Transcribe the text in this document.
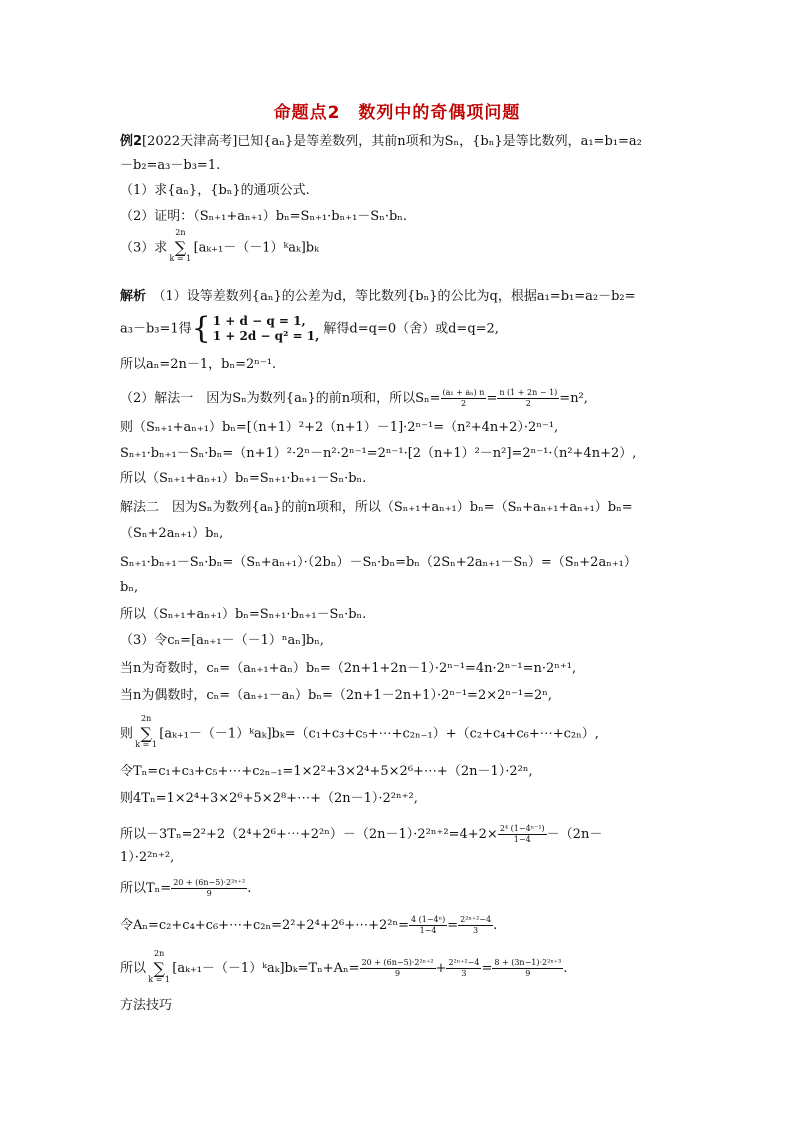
命题点2　数列中的奇偶项问题
例2[2022天津高考]已知{aₙ}是等差数列，其前n项和为Sₙ，{bₙ}是等比数列，a₁=b₁=a₂
－b₂=a₃－b₃=1.
（1）求{aₙ}，{bₙ}的通项公式.
（2）证明：（Sₙ₊₁+aₙ₊₁）bₙ=Sₙ₊₁·bₙ₊₁－Sₙ·bₙ.
（3）求
2n
∑
k = 1
[aₖ₊₁－（－1）ᵏaₖ]bₖ
解析　 （1）设等差数列{aₙ}的公差为d，等比数列{bₙ}的公比为q，根据a₁=b₁=a₂－b₂=
a₃－b₃=1得{ 1 + d − q = 1,
1 + 2d − q² = 1, 解得d=q=0（舍）或d=q=2,
所以aₙ=2n－1，bₙ=2ⁿ⁻¹.
（2）解法一　因为Sₙ为数列{aₙ}的前n项和，所以$S_n= \frac{\text{(a₁ + aₙ) n}}{2} = \frac{n (1 + 2n - 1)}{2} =n^2$,
则（Sₙ₊₁+aₙ₊₁）bₙ=[（n+1）²+2（n+1）－1]·2ⁿ⁻¹=（n²+4n+2）·2ⁿ⁻¹,
Sₙ₊₁·bₙ₊₁－Sₙ·bₙ=（n+1）²·2ⁿ－n²·2ⁿ⁻¹=2ⁿ⁻¹·[2（n+1）²－n²]=2ⁿ⁻¹·（n²+4n+2）,
所以（Sₙ₊₁+aₙ₊₁）bₙ=Sₙ₊₁·bₙ₊₁－Sₙ·bₙ.
解法二　因为Sₙ为数列{aₙ}的前n项和，所以（Sₙ₊₁+aₙ₊₁）bₙ=（Sₙ+aₙ₊₁+aₙ₊₁）bₙ=
（Sₙ+2aₙ₊₁）bₙ,
Sₙ₊₁·bₙ₊₁－Sₙ·bₙ=（Sₙ+aₙ₊₁）·（2bₙ）－Sₙ·bₙ=bₙ（2Sₙ+2aₙ₊₁－Sₙ）=（Sₙ+2aₙ₊₁）
bₙ,
所以（Sₙ₊₁+aₙ₊₁）bₙ=Sₙ₊₁·bₙ₊₁－Sₙ·bₙ.
（3）令cₙ=[aₙ₊₁－（－1）ⁿaₙ]bₙ,
当n为奇数时，cₙ=（aₙ₊₁+aₙ）bₙ=（2n+1+2n－1）·2ⁿ⁻¹=4n·2ⁿ⁻¹=n·2ⁿ⁺¹,
当n为偶数时，cₙ=（aₙ₊₁－aₙ）bₙ=（2n+1－2n+1）·2ⁿ⁻¹=2×2ⁿ⁻¹=2ⁿ,
则
2n
∑
k = 1
[aₖ₊₁－（－1）ᵏaₖ]bₖ=（c₁+c₃+c₅+⋯+c₂ₙ₋₁）+（c₂+c₄+c₆+⋯+c₂ₙ）,
令Tₙ=c₁+c₃+c₅+⋯+c₂ₙ₋₁=1×2²+3×2⁴+5×2⁶+⋯+（2n－1）·2²ⁿ,
则4Tₙ=1×2⁴+3×2⁶+5×2⁸+⋯+（2n－1）·2²ⁿ⁺²,
所以－3Tₙ=2²+2（2⁴+2⁶+⋯+2²ⁿ）－（2n－1）·2²ⁿ⁺²=4+2× $\frac{\text{2⁴ (1−4ⁿ⁻¹)}}{1-4} -(2n-$
1）·2²ⁿ⁺²,
所以$T_n= \frac{\text{20 + (6n−5)·2²ⁿ⁺²}}{9}$ .
令Aₙ=c₂+c₄+c₆+⋯+c₂ₙ=2²+2⁴+2⁶+⋯+2²ⁿ= $\frac{\text{4 (1−4ⁿ)}}{1-4} = \frac{\text{2²ⁿ⁺²−4}}{3}$ .
所以
2n
∑
k = 1
[aₖ₊₁－（－1）ᵏaₖ]bₖ=Tₙ+Aₙ= $\frac{\text{20 + (6n−5)·2²ⁿ⁺²}}{9} + \frac{\text{2²ⁿ⁺²−4}}{3} = \frac{\text{8 + (3n−1)·2²ⁿ⁺³}}{9}$ .
方法技巧
